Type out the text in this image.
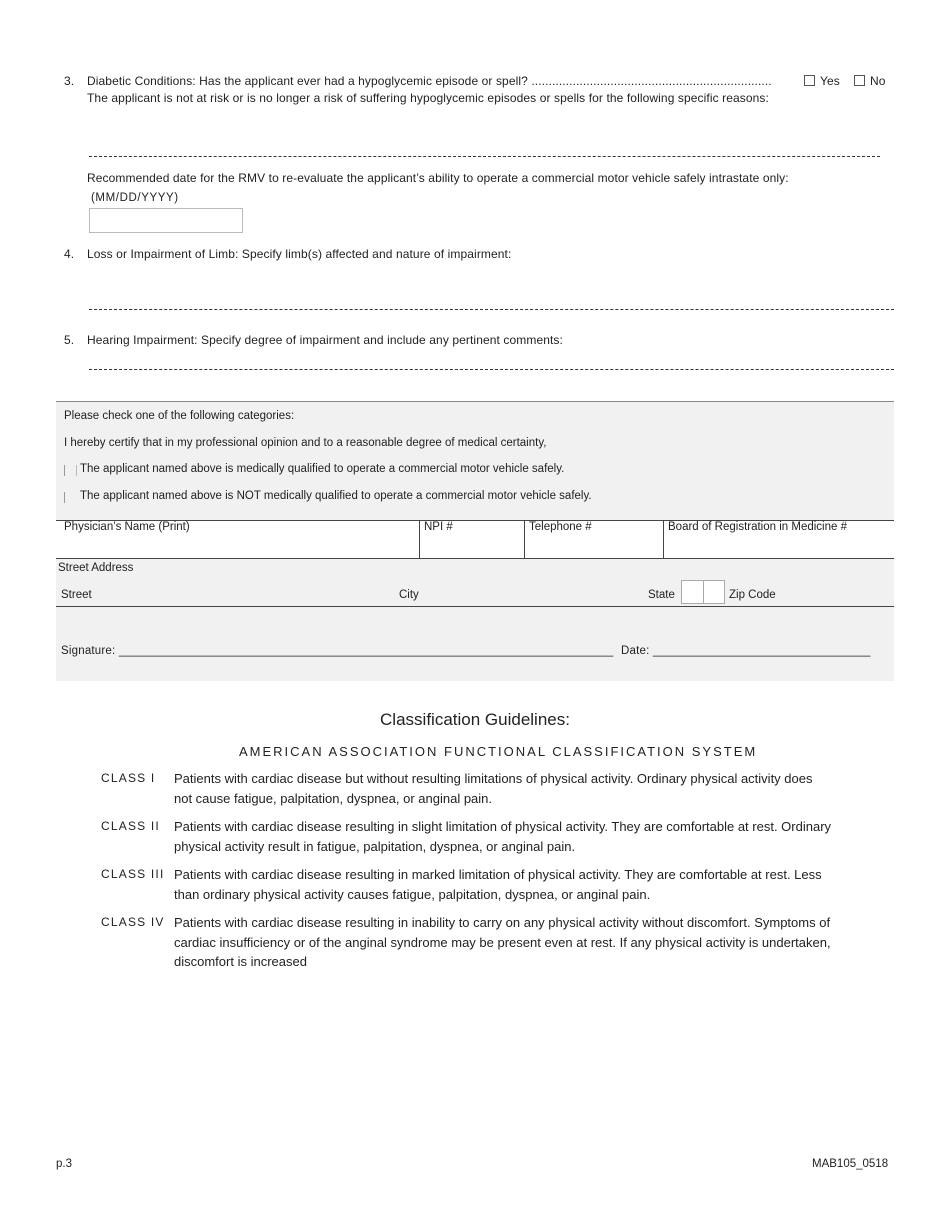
3. Diabetic Conditions: Has the applicant ever had a hypoglycemic episode or spell? ......................................................................	Yes	No
The applicant is not at risk or is no longer a risk of suffering hypoglycemic episodes or spells for the following specific reasons:
Recommended date for the RMV to re-evaluate the applicant’s ability to operate a commercial motor vehicle safely intrastate only:
(MM/DD/YYYY)
4. Loss or Impairment of Limb: Specify limb(s) affected and nature of impairment:
5. Hearing Impairment: Specify degree of impairment and include any pertinent comments:
Please check one of the following categories:
I hereby certify that in my professional opinion and to a reasonable degree of medical certainty,
The applicant named above is medically qualified to operate a commercial motor vehicle safely.
The applicant named above is NOT medically qualified to operate a commercial motor vehicle safely.
Physician’s Name (Print)	NPI #	Telephone #	Board of Registration in Medicine #
Street Address
Street	City	State	Zip Code
Signature: ___________________________________________________________________________ Date: _________________________________
Classification Guidelines:
AMERICAN ASSOCIATION FUNCTIONAL CLASSIFICATION SYSTEM
CLASS I Patients with cardiac disease but without resulting limitations of physical activity. Ordinary physical activity does not cause fatigue, palpitation, dyspnea, or anginal pain.
CLASS II Patients with cardiac disease resulting in slight limitation of physical activity. They are comfortable at rest. Ordinary physical activity result in fatigue, palpitation, dyspnea, or anginal pain.
CLASS III Patients with cardiac disease resulting in marked limitation of physical activity. They are comfortable at rest. Less than ordinary physical activity causes fatigue, palpitation, dyspnea, or anginal pain.
CLASS IV Patients with cardiac disease resulting in inability to carry on any physical activity without discomfort. Symptoms of cardiac insufficiency or of the anginal syndrome may be present even at rest. If any physical activity is undertaken, discomfort is increased
p.3	MAB105_0518
